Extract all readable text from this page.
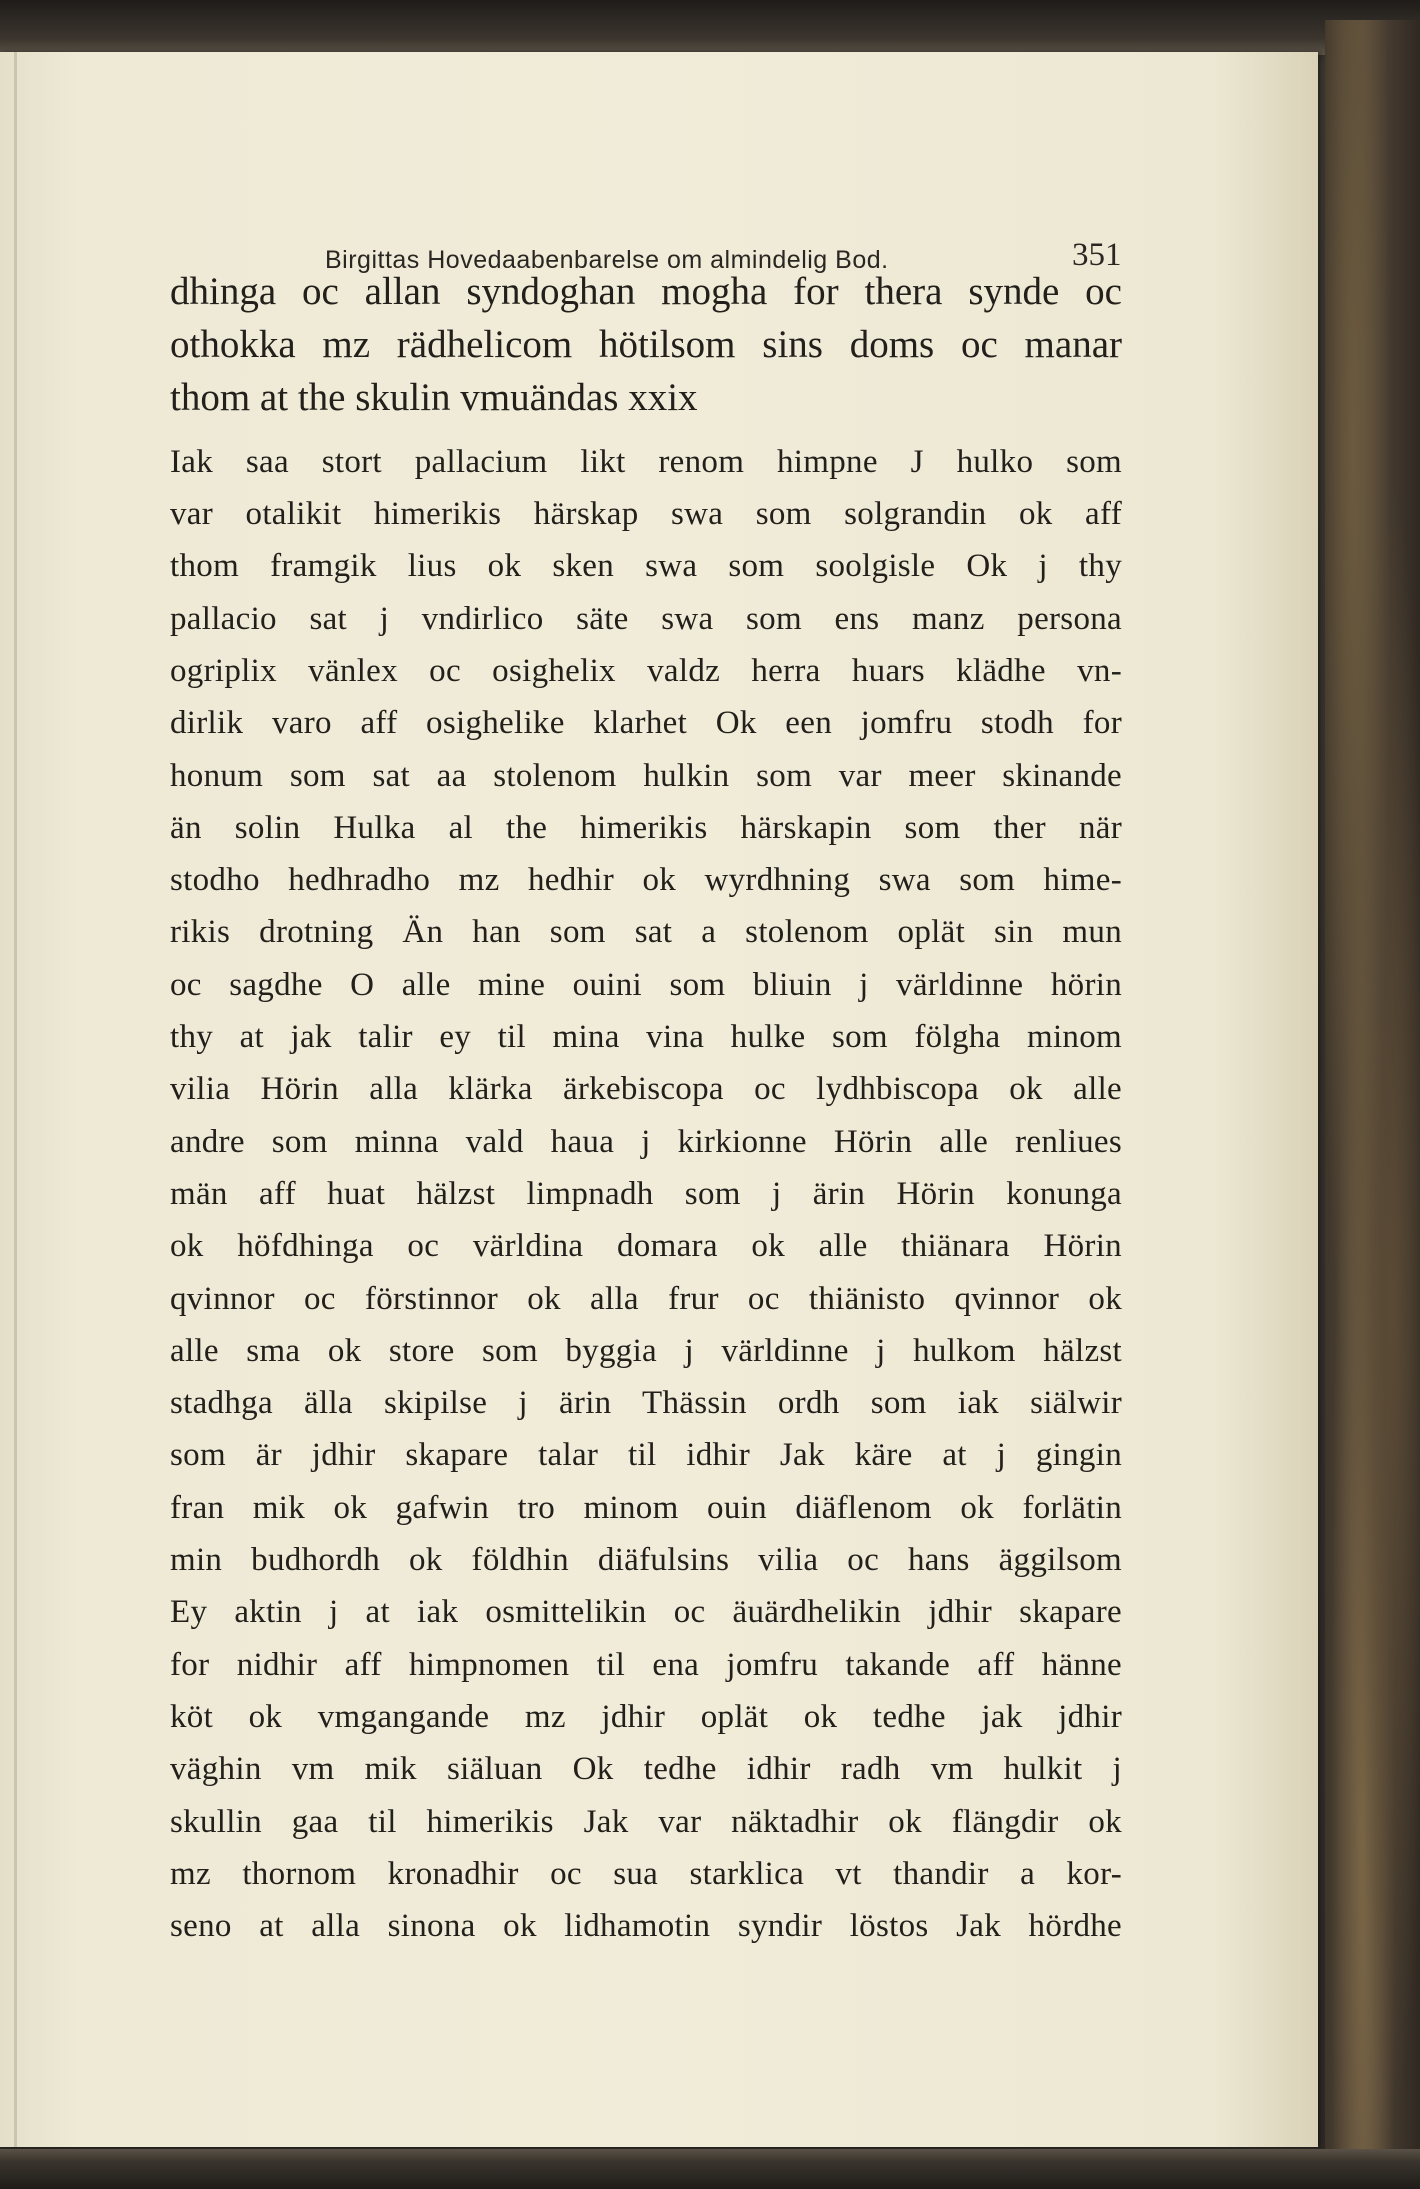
Birgittas Hovedaabenbarelse om almindelig Bod.	351
dhinga oc allan syndoghan mogha for thera synde oc
othokka mz rädhelicom hötilsom sins doms oc manar
thom at the skulin vmuändas xxix
Iak saa stort pallacium likt renom himpne J hulko som
var otalikit himerikis härskap swa som solgrandin ok aff
thom framgik lius ok sken swa som soolgisle Ok j thy
pallacio sat j vndirlico säte swa som ens manz persona
ogriplix vänlex oc osighelix valdz herra huars klädhe vn-
dirlik varo aff osighelike klarhet Ok een jomfru stodh for
honum som sat aa stolenom hulkin som var meer skinande
än solin Hulka al the himerikis härskapin som ther när
stodho hedhradho mz hedhir ok wyrdhning swa som hime-
rikis drotning Än han som sat a stolenom oplät sin mun
oc sagdhe O alle mine ouini som bliuin j världinne hörin
thy at jak talir ey til mina vina hulke som fölgha minom
vilia Hörin alla klärka ärkebiscopa oc lydhbiscopa ok alle
andre som minna vald haua j kirkionne Hörin alle renliues
män aff huat hälzst limpnadh som j ärin Hörin konunga
ok höfdhinga oc världina domara ok alle thiänara Hörin
qvinnor oc förstinnor ok alla frur oc thiänisto qvinnor ok
alle sma ok store som byggia j världinne j hulkom hälzst
stadhga älla skipilse j ärin Thässin ordh som iak siälwir
som är jdhir skapare talar til idhir Jak käre at j gingin
fran mik ok gafwin tro minom ouin diäflenom ok forlätin
min budhordh ok földhin diäfulsins vilia oc hans äggilsom
Ey aktin j at iak osmittelikin oc äuärdhelikin jdhir skapare
for nidhir aff himpnomen til ena jomfru takande aff hänne
köt ok vmgangande mz jdhir oplät ok tedhe jak jdhir
väghin vm mik siäluan Ok tedhe idhir radh vm hulkit j
skullin gaa til himerikis Jak var näktadhir ok flängdir ok
mz thornom kronadhir oc sua starklica vt thandir a kor-
seno at alla sinona ok lidhamotin syndir löstos Jak hördhe
